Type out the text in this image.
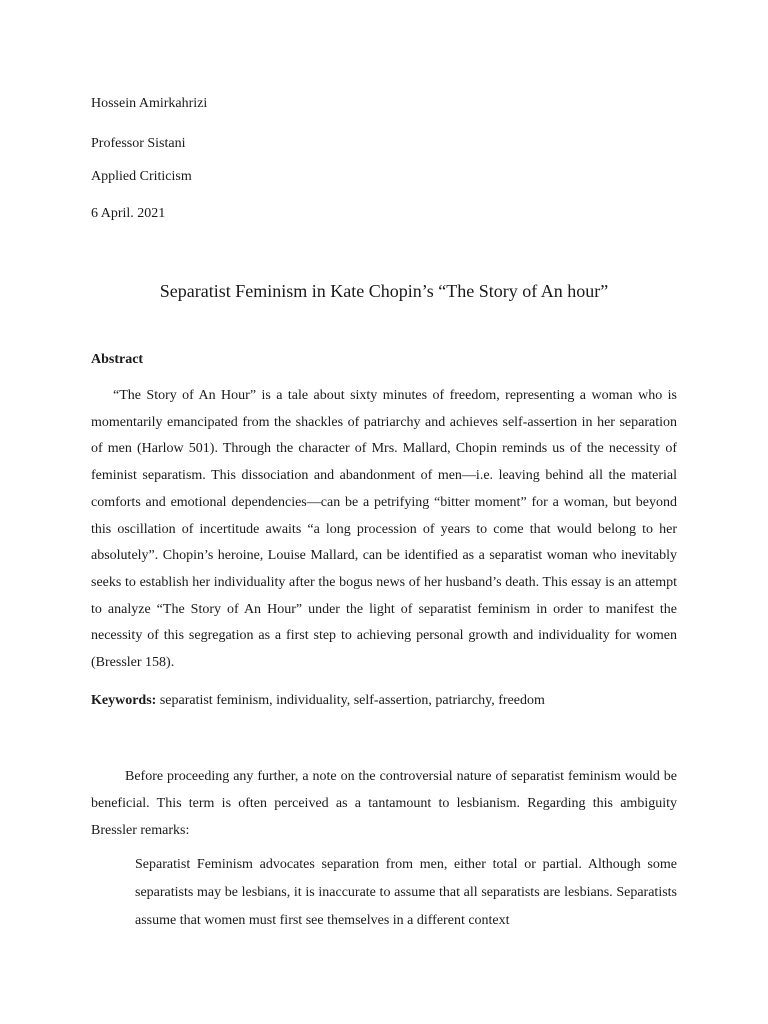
Hossein Amirkahrizi
Professor Sistani
Applied Criticism
6 April. 2021
Separatist Feminism in Kate Chopin’s “The Story of An hour”
Abstract

“The Story of An Hour” is a tale about sixty minutes of freedom, representing a woman who is momentarily emancipated from the shackles of patriarchy and achieves self-assertion in her separation of men (Harlow 501). Through the character of Mrs. Mallard, Chopin reminds us of the necessity of feminist separatism. This dissociation and abandonment of men—i.e. leaving behind all the material comforts and emotional dependencies—can be a petrifying “bitter moment” for a woman, but beyond this oscillation of incertitude awaits “a long procession of years to come that would belong to her absolutely”. Chopin’s heroine, Louise Mallard, can be identified as a separatist woman who inevitably seeks to establish her individuality after the bogus news of her husband’s death. This essay is an attempt to analyze “The Story of An Hour” under the light of separatist feminism in order to manifest the necessity of this segregation as a first step to achieving personal growth and individuality for women (Bressler 158).

Keywords: separatist feminism, individuality, self-assertion, patriarchy, freedom

Before proceeding any further, a note on the controversial nature of separatist feminism would be beneficial. This term is often perceived as a tantamount to lesbianism. Regarding this ambiguity Bressler remarks:

Separatist Feminism advocates separation from men, either total or partial. Although some separatists may be lesbians, it is inaccurate to assume that all separatists are lesbians. Separatists assume that women must first see themselves in a different context
